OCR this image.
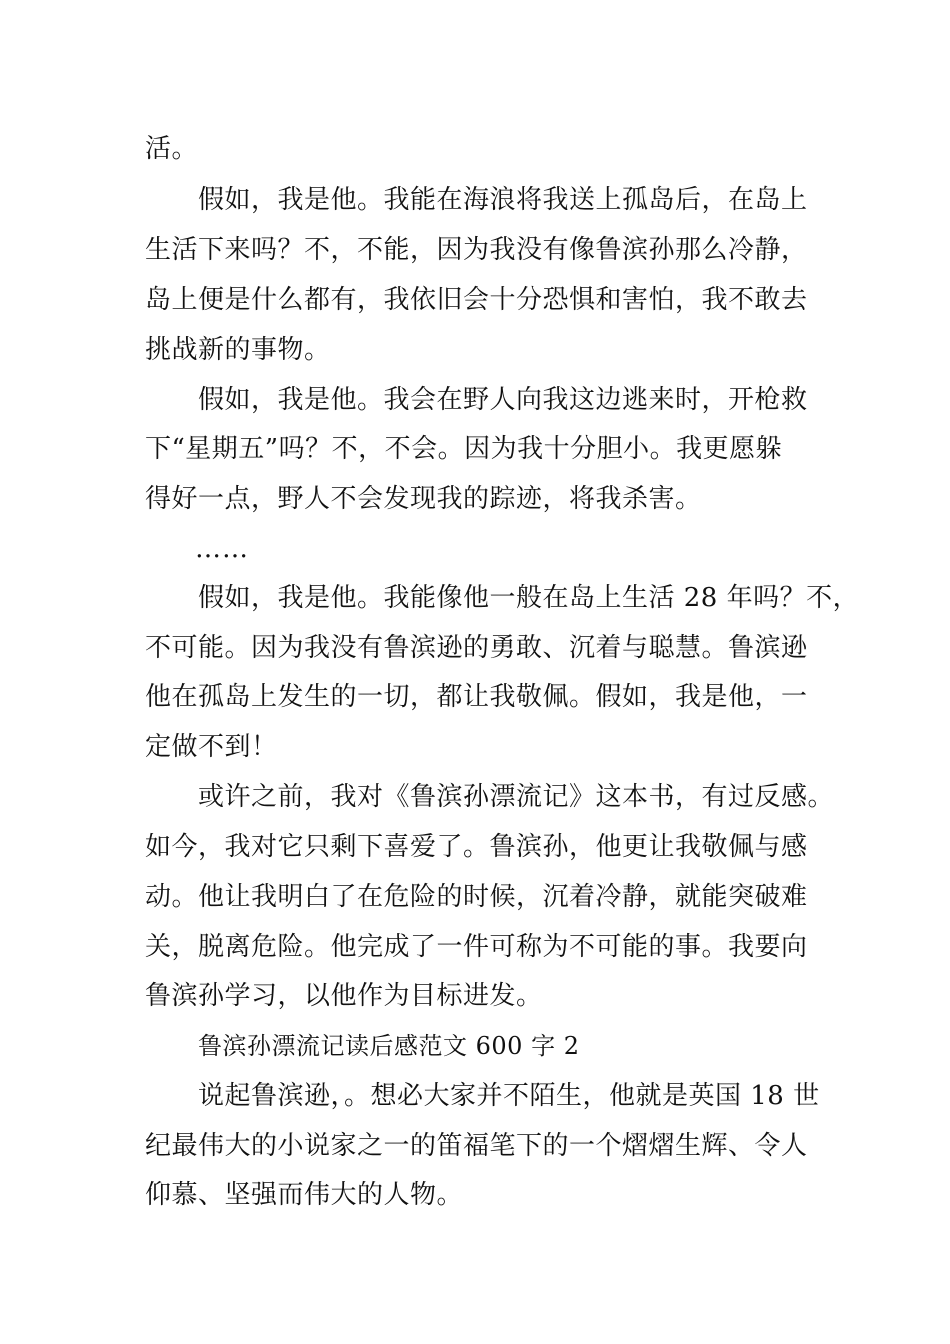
活。
假如，我是他。我能在海浪将我送上孤岛后，在岛上
生活下来吗？不，不能，因为我没有像鲁滨孙那么冷静，
岛上便是什么都有，我依旧会十分恐惧和害怕，我不敢去
挑战新的事物。
假如，我是他。我会在野人向我这边逃来时，开枪救
下“星期五”吗？不，不会。因为我十分胆小。我更愿躲
得好一点，野人不会发现我的踪迹，将我杀害。
……
假如，我是他。我能像他一般在岛上生活 28 年吗？不，
不可能。因为我没有鲁滨逊的勇敢、沉着与聪慧。鲁滨逊
他在孤岛上发生的一切，都让我敬佩。假如，我是他，一
定做不到！
或许之前，我对《鲁滨孙漂流记》这本书，有过反感。
如今，我对它只剩下喜爱了。鲁滨孙，他更让我敬佩与感
动。他让我明白了在危险的时候，沉着冷静，就能突破难
关，脱离危险。他完成了一件可称为不可能的事。我要向
鲁滨孙学习，以他作为目标进发。
鲁滨孙漂流记读后感范文 600 字 2
说起鲁滨逊，。想必大家并不陌生，他就是英国 18 世
纪最伟大的小说家之一的笛福笔下的一个熠熠生辉、令人
仰慕、坚强而伟大的人物。
